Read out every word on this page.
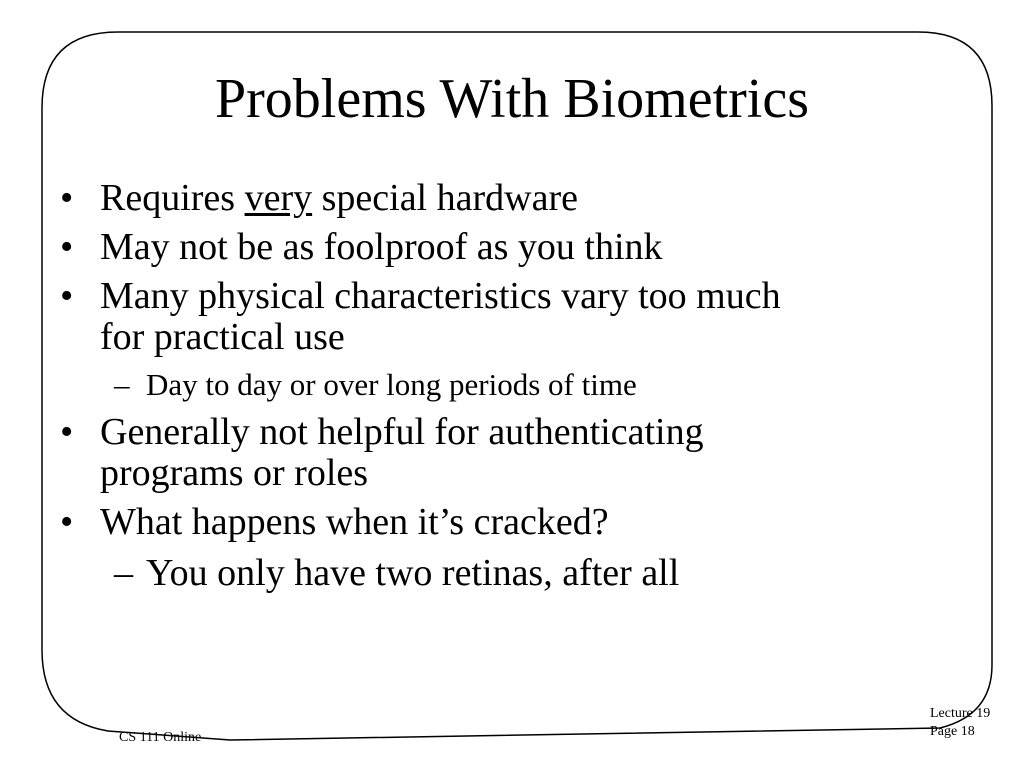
Problems With Biometrics
• Requires very special hardware
• May not be as foolproof as you think
• Many physical characteristics vary too much
for practical use
– Day to day or over long periods of time
• Generally not helpful for authenticating
programs or roles
• What happens when it’s cracked?
– You only have two retinas, after all
CS 111 Online
Lecture 19
Page 18
